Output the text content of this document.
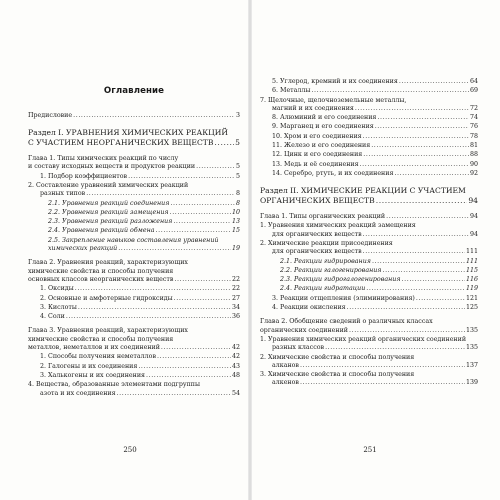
Оглавление
Предисловие .....	3
Раздел I. УРАВНЕНИЯ ХИМИЧЕСКИХ РЕАКЦИЙ
С УЧАСТИЕМ НЕОРГАНИЧЕСКИХ ВЕЩЕСТВ .....	5
Глава 1. Типы химических реакций по числу
и составу исходных веществ и продуктов реакции .....	5
1. Подбор коэффициентов .....	5
2. Составление уравнений химических реакций
разных типов .....	8
2.1. Уравнения реакций соединения .....	8
2.2. Уравнения реакций замещения .....	10
2.3. Уравнения реакций разложения .....	13
2.4. Уравнения реакций обмена .....	15
2.5. Закрепление навыков составления уравнений
химических реакций .....	19
Глава 2. Уравнения реакций, характеризующих
химические свойства и способы получения
основных классов неорганических веществ .....	22
1. Оксиды .....	22
2. Основные и амфотерные гидроксиды .....	27
3. Кислоты .....	34
4. Соли .....	36
Глава 3. Уравнения реакций, характеризующих
химические свойства и способы получения
металлов, неметаллов и их соединений .....	42
1. Способы получения неметаллов .....	42
2. Галогены и их соединения .....	43
3. Халькогены и их соединения .....	48
4. Вещества, образованные элементами подгруппы
азота и их соединения .....	54
250
5. Углерод, кремний и их соединения .....	64
6. Металлы .....	69
7. Щелочные, щелочноземельные металлы,
магний и их соединения .....	72
8. Алюминий и его соединения .....	74
9. Марганец и его соединения .....	76
10. Хром и его соединения .....	78
11. Железо и его соединения .....	81
12. Цинк и его соединения .....	88
13. Медь и её соединения .....	90
14. Серебро, ртуть, и их соединения .....	92
Раздел II. ХИМИЧЕСКИЕ РЕАКЦИИ С УЧАСТИЕМ
ОРГАНИЧЕСКИХ ВЕЩЕСТВ .....	94
Глава 1. Типы органических реакций .....	94
1. Уравнения химических реакций замещения
для органических веществ .....	94
2. Химические реакции присоединения
для органических веществ .....	111
2.1. Реакции гидрирования .....	111
2.2. Реакции галогенирования .....	115
2.3. Реакции гидрогалогенирования .....	116
2.4. Реакции гидратации .....	119
3. Реакции отщепления (элиминирования) .....	121
4. Реакции окисления .....	125
Глава 2. Обобщение сведений о различных классах
органических соединений .....	135
1. Уравнения химических реакций органических соединений
разных классов .....	135
2. Химические свойства и способы получения
алканов .....	137
3. Химические свойства и способы получения
алкенов .....	139
251
